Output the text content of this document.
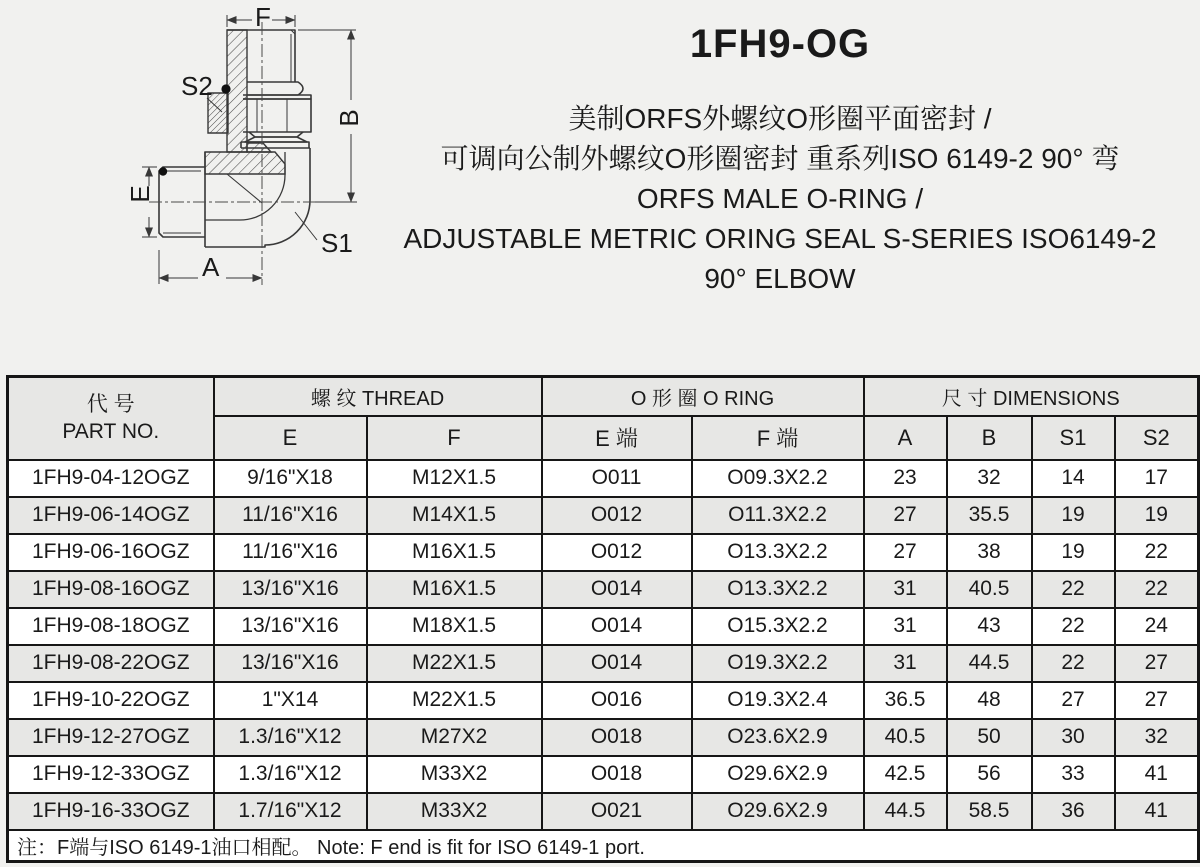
F
B
S2
E
A
S1
1FH9-OG
美制ORFS外螺纹O形圈平面密封 /
可调向公制外螺纹O形圈密封 重系列ISO 6149-2 90° 弯
ORFS MALE O-RING /
ADJUSTABLE METRIC ORING SEAL S-SERIES ISO6149-2
90° ELBOW
代 号
PART NO.	螺 纹 THREAD		O 形 圈 O RING		尺 寸 DIMENSIONS			
	E	F	E 端	F 端	A	B	S1	S2
1FH9-04-12OGZ	9/16"X18	M12X1.5	O011	O09.3X2.2	23	32	14	17
1FH9-06-14OGZ	11/16"X16	M14X1.5	O012	O11.3X2.2	27	35.5	19	19
1FH9-06-16OGZ	11/16"X16	M16X1.5	O012	O13.3X2.2	27	38	19	22
1FH9-08-16OGZ	13/16"X16	M16X1.5	O014	O13.3X2.2	31	40.5	22	22
1FH9-08-18OGZ	13/16"X16	M18X1.5	O014	O15.3X2.2	31	43	22	24
1FH9-08-22OGZ	13/16"X16	M22X1.5	O014	O19.3X2.2	31	44.5	22	27
1FH9-10-22OGZ	1"X14	M22X1.5	O016	O19.3X2.4	36.5	48	27	27
1FH9-12-27OGZ	1.3/16"X12	M27X2	O018	O23.6X2.9	40.5	50	30	32
1FH9-12-33OGZ	1.3/16"X12	M33X2	O018	O29.6X2.9	42.5	56	33	41
1FH9-16-33OGZ	1.7/16"X12	M33X2	O021	O29.6X2.9	44.5	58.5	36	41
注：F端与ISO 6149-1油口相配。 Note: F end is fit for ISO 6149-1 port.								
